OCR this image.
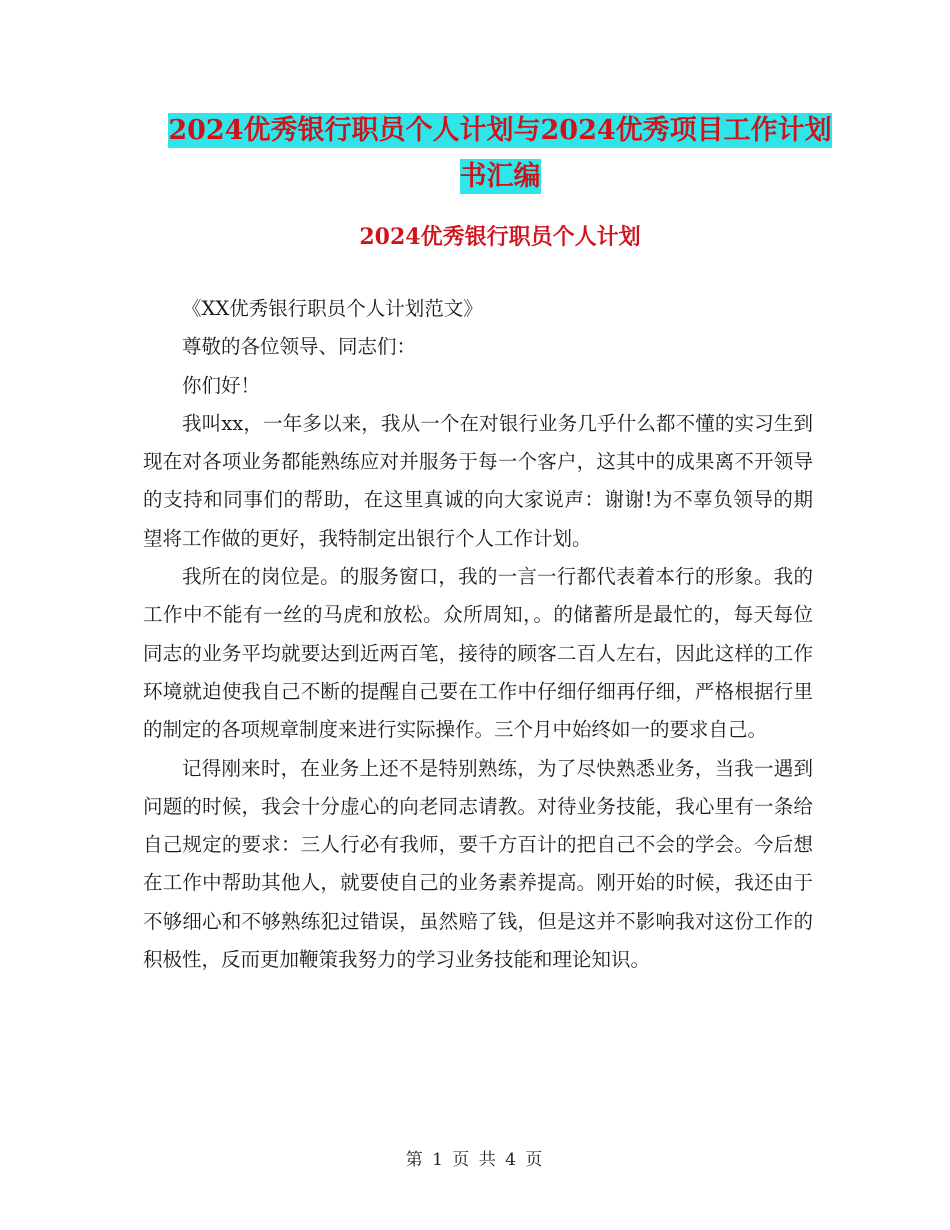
2024优秀银行职员个人计划与2024优秀项目工作计划
书汇编
2024优秀银行职员个人计划

《XX优秀银行职员个人计划范文》

尊敬的各位领导、同志们：

你们好！

我叫xx，一年多以来，我从一个在对银行业务几乎什么都不懂的实习生到现在对各项业务都能熟练应对并服务于每一个客户，这其中的成果离不开领导的支持和同事们的帮助，在这里真诚的向大家说声：谢谢!为不辜负领导的期望将工作做的更好，我特制定出银行个人工作计划。

我所在的岗位是。的服务窗口，我的一言一行都代表着本行的形象。我的工作中不能有一丝的马虎和放松。众所周知，。的储蓄所是最忙的，每天每位同志的业务平均就要达到近两百笔，接待的顾客二百人左右，因此这样的工作环境就迫使我自己不断的提醒自己要在工作中仔细仔细再仔细，严格根据行里的制定的各项规章制度来进行实际操作。三个月中始终如一的要求自己。

记得刚来时，在业务上还不是特别熟练，为了尽快熟悉业务，当我一遇到问题的时候，我会十分虚心的向老同志请教。对待业务技能，我心里有一条给自己规定的要求：三人行必有我师，要千方百计的把自己不会的学会。今后想在工作中帮助其他人，就要使自己的业务素养提高。刚开始的时候，我还由于不够细心和不够熟练犯过错误，虽然赔了钱，但是这并不影响我对这份工作的积极性，反而更加鞭策我努力的学习业务技能和理论知识。

第 1 页 共 4 页
